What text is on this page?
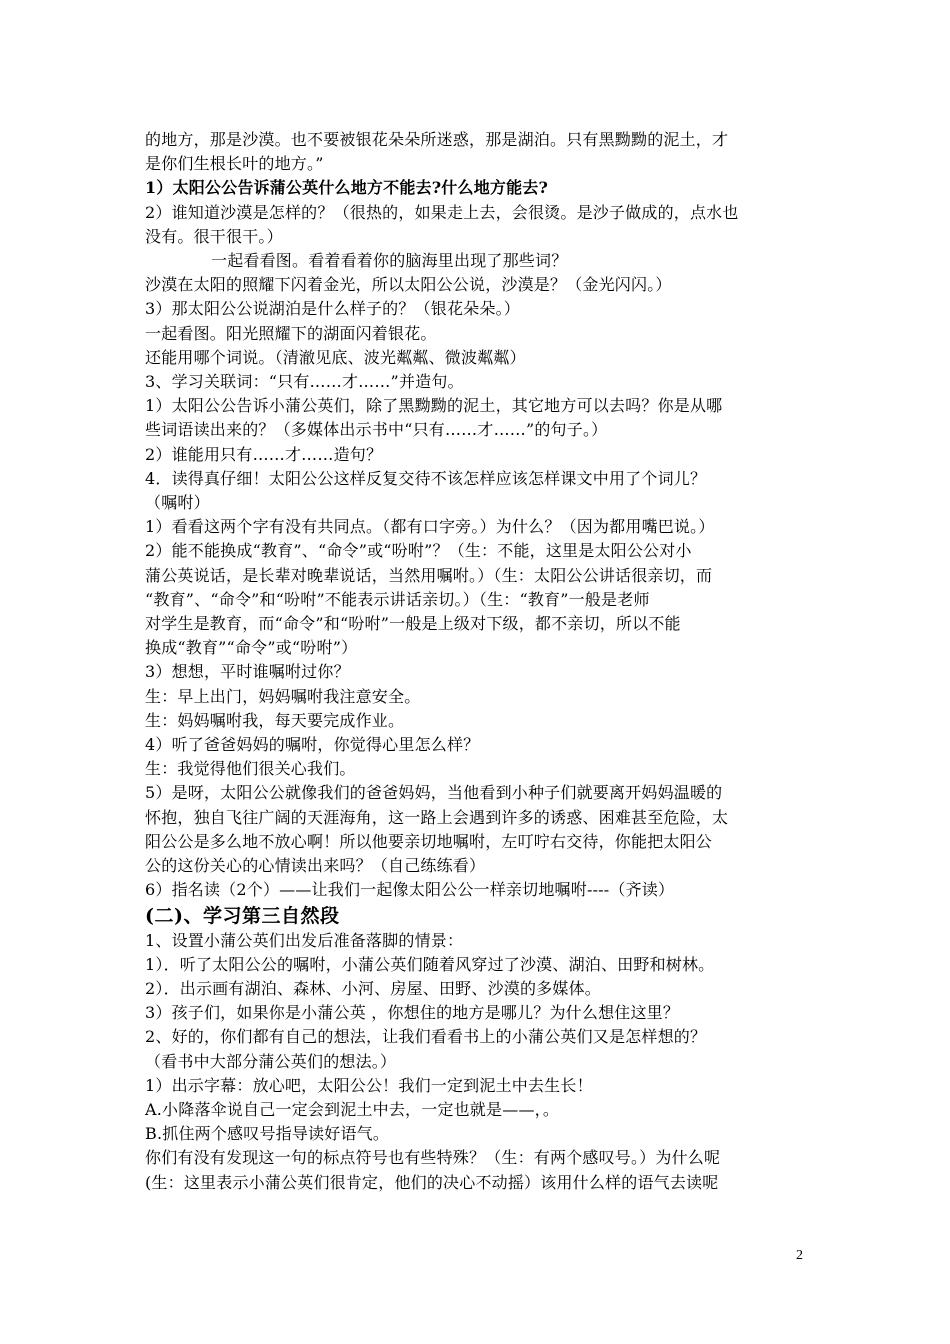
的地方，那是沙漠。也不要被银花朵朵所迷惑，那是湖泊。只有黑黝黝的泥土，才
是你们生根长叶的地方。”
1）太阳公公告诉蒲公英什么地方不能去?什么地方能去?
2）谁知道沙漠是怎样的？（很热的，如果走上去，会很烫。是沙子做成的，点水也
没有。很干很干。）
一起看看图。看着看着你的脑海里出现了那些词？
沙漠在太阳的照耀下闪着金光，所以太阳公公说，沙漠是？（金光闪闪。）
3）那太阳公公说湖泊是什么样子的？（银花朵朵。）
一起看图。阳光照耀下的湖面闪着银花。
还能用哪个词说。（清澈见底、波光粼粼、微波粼粼）
3、学习关联词：“只有……才……”并造句。
1）太阳公公告诉小蒲公英们，除了黑黝黝的泥土，其它地方可以去吗？你是从哪
些词语读出来的？（多媒体出示书中“只有……才……”的句子。）
2）谁能用只有……才……造句？
4．读得真仔细！太阳公公这样反复交待不该怎样应该怎样课文中用了个词儿？
（嘱咐）
1）看看这两个字有没有共同点。（都有口字旁。）为什么？（因为都用嘴巴说。）
2）能不能换成“教育”、“命令”或“吩咐”？（生：不能，这里是太阳公公对小
蒲公英说话，是长辈对晚辈说话，当然用嘱咐。）（生：太阳公公讲话很亲切，而
“教育”、“命令”和“吩咐”不能表示讲话亲切。）（生：“教育”一般是老师
对学生是教育，而“命令”和“吩咐”一般是上级对下级，都不亲切，所以不能
换成“教育”“命令”或“吩咐”）
3）想想，平时谁嘱咐过你？
生：早上出门，妈妈嘱咐我注意安全。
生：妈妈嘱咐我，每天要完成作业。
4）听了爸爸妈妈的嘱咐，你觉得心里怎么样？
生：我觉得他们很关心我们。
5）是呀，太阳公公就像我们的爸爸妈妈，当他看到小种子们就要离开妈妈温暖的
怀抱，独自飞往广阔的天涯海角，这一路上会遇到许多的诱惑、困难甚至危险，太
阳公公是多么地不放心啊！所以他要亲切地嘱咐，左叮咛右交待，你能把太阳公
公的这份关心的心情读出来吗？（自己练练看）
6）指名读（2个）——让我们一起像太阳公公一样亲切地嘱咐----（齐读）
(二)、学习第三自然段
1、设置小蒲公英们出发后准备落脚的情景：
1）．听了太阳公公的嘱咐，小蒲公英们随着风穿过了沙漠、湖泊、田野和树林。
2）．出示画有湖泊、森林、小河、房屋、田野、沙漠的多媒体。
3）孩子们，如果你是小蒲公英 ，你想住的地方是哪儿？为什么想住这里？
2、好的，你们都有自己的想法，让我们看看书上的小蒲公英们又是怎样想的？
（看书中大部分蒲公英们的想法。）
1）出示字幕：放心吧，太阳公公！我们一定到泥土中去生长！
A.小降落伞说自己一定会到泥土中去，一定也就是——，。
B.抓住两个感叹号指导读好语气。
你们有没有发现这一句的标点符号也有些特殊？（生：有两个感叹号。）为什么呢
(生：这里表示小蒲公英们很肯定，他们的决心不动摇）该用什么样的语气去读呢
2
